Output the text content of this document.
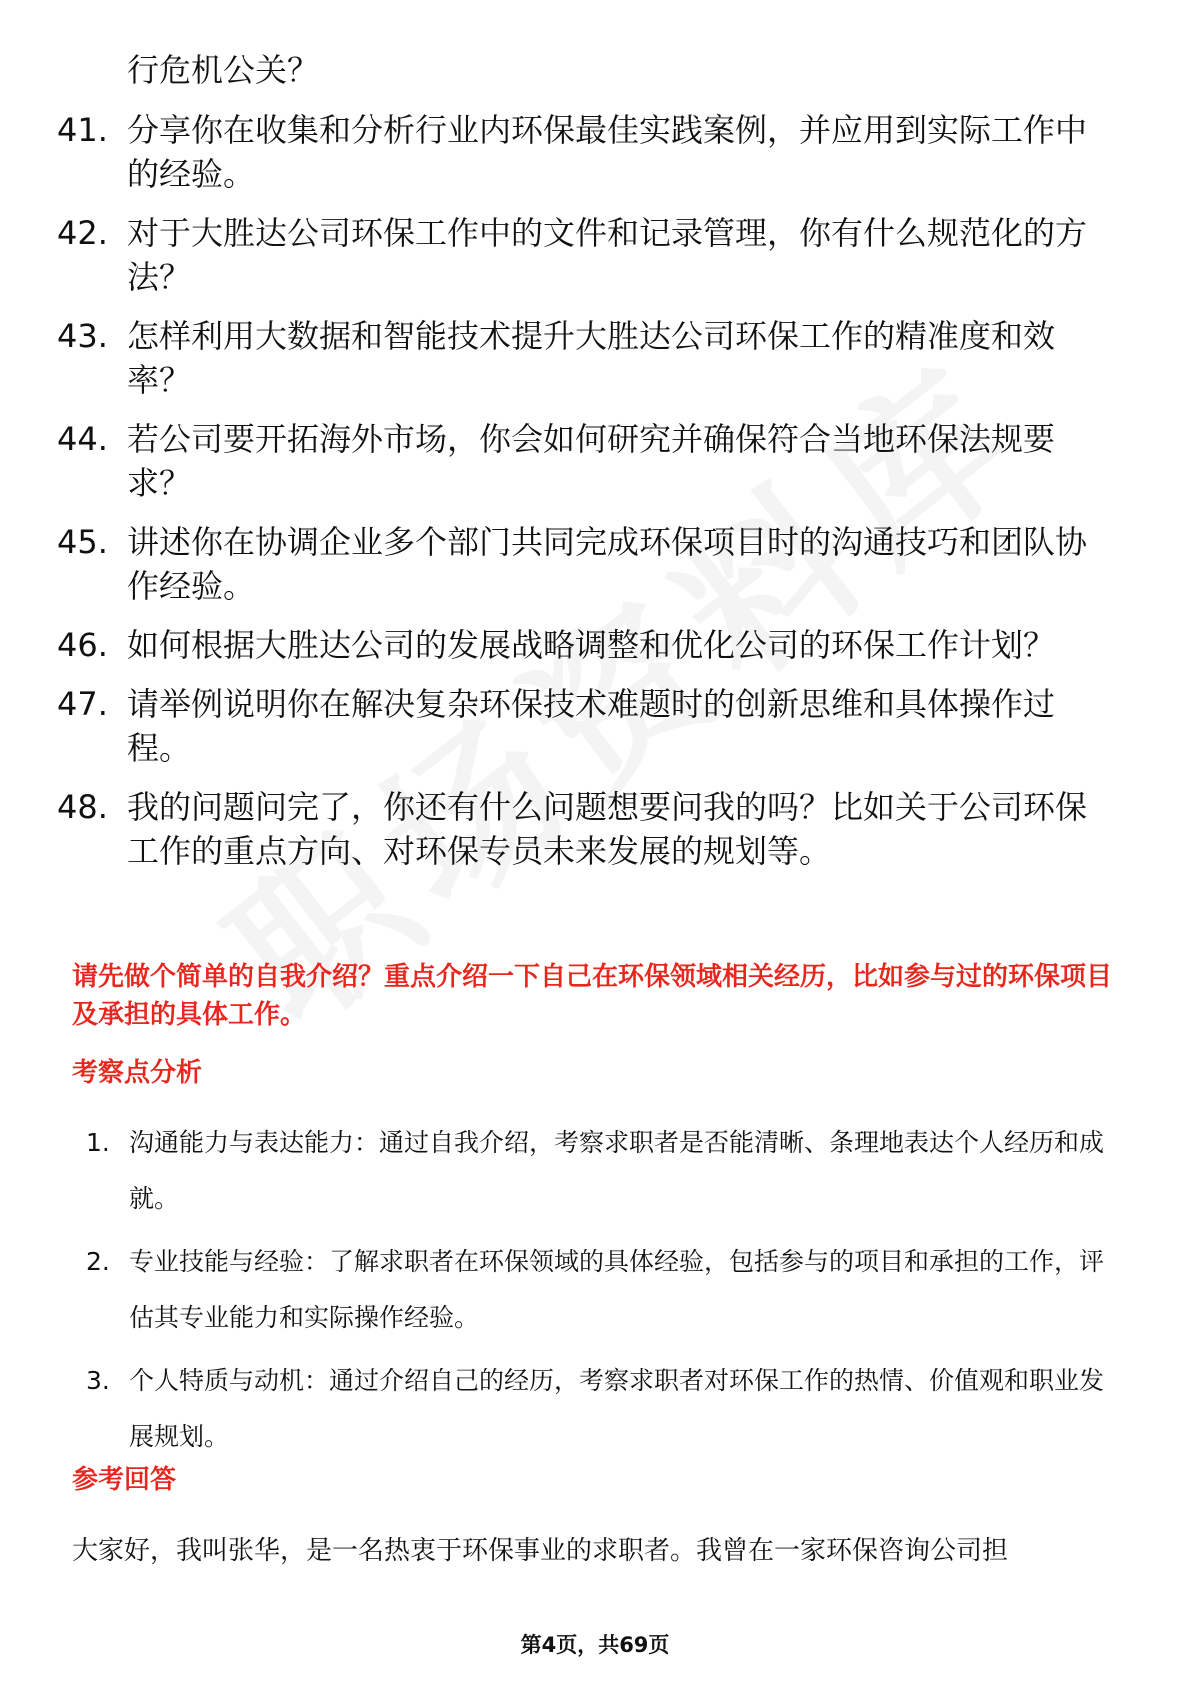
行危机公关？
41. 分享你在收集和分析行业内环保最佳实践案例，并应用到实际工作中的经验。
42. 对于大胜达公司环保工作中的文件和记录管理，你有什么规范化的方法？
43. 怎样利用大数据和智能技术提升大胜达公司环保工作的精准度和效率？
44. 若公司要开拓海外市场，你会如何研究并确保符合当地环保法规要求？
45. 讲述你在协调企业多个部门共同完成环保项目时的沟通技巧和团队协作经验。
46. 如何根据大胜达公司的发展战略调整和优化公司的环保工作计划？
47. 请举例说明你在解决复杂环保技术难题时的创新思维和具体操作过程。
48. 我的问题问完了，你还有什么问题想要问我的吗？比如关于公司环保工作的重点方向、对环保专员未来发展的规划等。
请先做个简单的自我介绍？重点介绍一下自己在环保领域相关经历，比如参与过的环保项目及承担的具体工作。
考察点分析
1. 沟通能力与表达能力：通过自我介绍，考察求职者是否能清晰、条理地表达个人经历和成就。
2. 专业技能与经验：了解求职者在环保领域的具体经验，包括参与的项目和承担的工作，评估其专业能力和实际操作经验。
3. 个人特质与动机：通过介绍自己的经历，考察求职者对环保工作的热情、价值观和职业发展规划。
参考回答
大家好，我叫张华，是一名热衷于环保事业的求职者。我曾在一家环保咨询公司担
第4页，共69页
